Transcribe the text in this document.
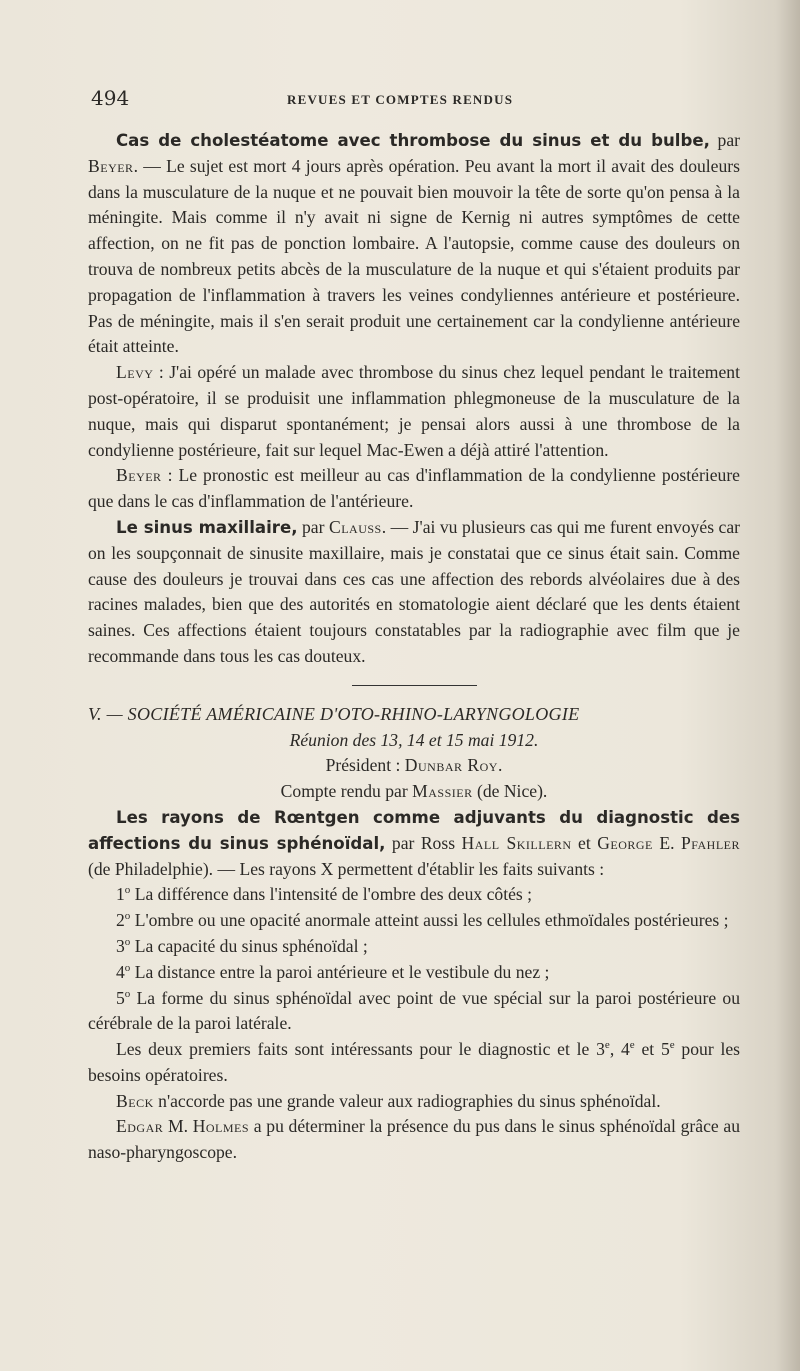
494	REVUES ET COMPTES RENDUS

Cas de cholestéatome avec thrombose du sinus et du bulbe, par Beyer. — Le sujet est mort 4 jours après opération. Peu avant la mort il avait des douleurs dans la musculature de la nuque et ne pouvait bien mouvoir la tête de sorte qu'on pensa à la méningite. Mais comme il n'y avait ni signe de Kernig ni autres symptômes de cette affection, on ne fit pas de ponction lombaire. A l'autopsie, comme cause des douleurs on trouva de nombreux petits abcès de la musculature de la nuque et qui s'étaient produits par propagation de l'inflammation à travers les veines condyliennes antérieure et postérieure. Pas de méningite, mais il s'en serait produit une certainement car la condylienne antérieure était atteinte.

Levy : J'ai opéré un malade avec thrombose du sinus chez lequel pendant le traitement post-opératoire, il se produisit une inflammation phlegmoneuse de la musculature de la nuque, mais qui disparut spontanément; je pensai alors aussi à une thrombose de la condylienne postérieure, fait sur lequel Mac-Ewen a déjà attiré l'attention.

Beyer : Le pronostic est meilleur au cas d'inflammation de la condylienne postérieure que dans le cas d'inflammation de l'antérieure.

Le sinus maxillaire, par Clauss. — J'ai vu plusieurs cas qui me furent envoyés car on les soupçonnait de sinusite maxillaire, mais je constatai que ce sinus était sain. Comme cause des douleurs je trouvai dans ces cas une affection des rebords alvéolaires due à des racines malades, bien que des autorités en stomatologie aient déclaré que les dents étaient saines. Ces affections étaient toujours constatables par la radiographie avec film que je recommande dans tous les cas douteux.

V. — SOCIÉTÉ AMÉRICAINE D'OTO-RHINO-LARYNGOLOGIE

Réunion des 13, 14 et 15 mai 1912.

Président : Dunbar Roy.

Compte rendu par Massier (de Nice).

Les rayons de Rœntgen comme adjuvants du diagnostic des affections du sinus sphénoïdal, par Ross Hall Skillern et George E. Pfahler (de Philadelphie). — Les rayons X permettent d'établir les faits suivants :

1$^o$ La différence dans l'intensité de l'ombre des deux côtés ;

2$^o$ L'ombre ou une opacité anormale atteint aussi les cellules ethmoïdales postérieures ;

3$^o$ La capacité du sinus sphénoïdal ;

4$^o$ La distance entre la paroi antérieure et le vestibule du nez ;

5$^o$ La forme du sinus sphénoïdal avec point de vue spécial sur la paroi postérieure ou cérébrale de la paroi latérale.

Les deux premiers faits sont intéressants pour le diagnostic et le 3e, 4e et 5e pour les besoins opératoires.

Beck n'accorde pas une grande valeur aux radiographies du sinus sphénoïdal.

Edgar M. Holmes a pu déterminer la présence du pus dans le sinus sphénoïdal grâce au naso-pharyngoscope.
